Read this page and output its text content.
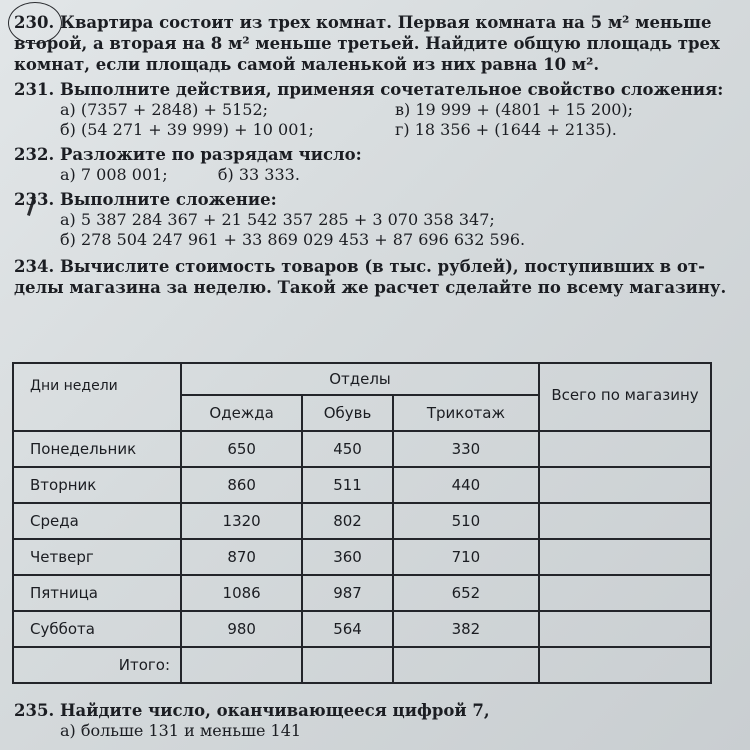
230. Квартира состоит из трех комнат. Первая комната на 5 м² меньше
второй, а вторая на 8 м² меньше третьей. Найдите общую площадь трех
комнат, если площадь самой маленькой из них равна 10 м².
231. Выполните действия, применяя сочетательное свойство сложения:
а) (7357 + 2848) + 5152;	в) 19 999 + (4801 + 15 200);
б) (54 271 + 39 999) + 10 001;	г) 18 356 + (1644 + 2135).
232. Разложите по разрядам число:
а) 7 008 001;	б) 33 333.
233. Выполните сложение:
а) 5 387 284 367 + 21 542 357 285 + 3 070 358 347;
б) 278 504 247 961 + 33 869 029 453 + 87 696 632 596.
234. Вычислите стоимость товаров (в тыс. рублей), поступивших в от-
делы магазина за неделю. Такой же расчет сделайте по всему магазину.
Дни недели	Отделы			Всего по магазину
	Одежда	Обувь	Трикотаж	
Понедельник	650	450	330	
Вторник	860	511	440	
Среда	1320	802	510	
Четверг	870	360	710	
Пятница	1086	987	652	
Суббота	980	564	382	
Итого:				
235. Найдите число, оканчивающееся цифрой 7,
а) больше 131 и меньше 141
